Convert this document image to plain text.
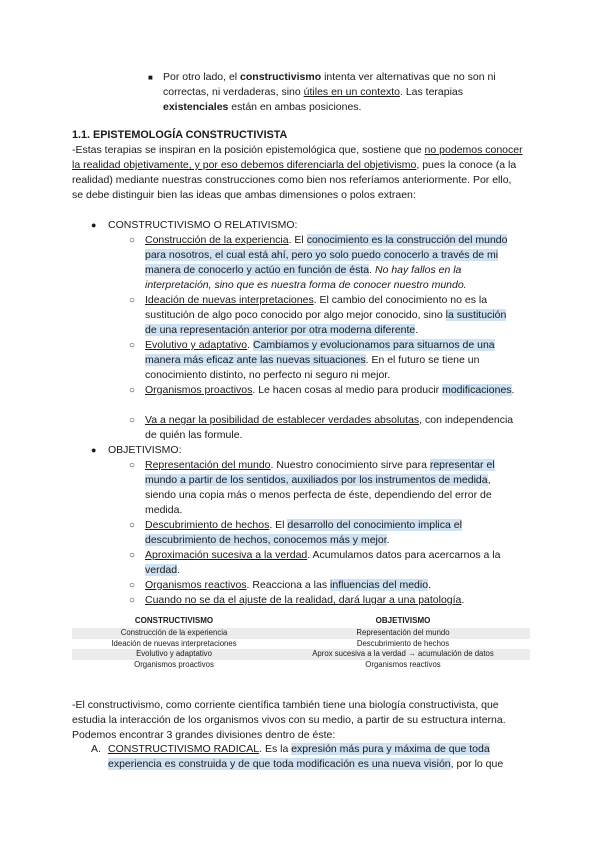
■ Por otro lado, el constructivismo intenta ver alternativas que no son ni correctas, ni verdaderas, sino útiles en un contexto. Las terapias existenciales están en ambas posiciones.
1.1. EPISTEMOLOGÍA CONSTRUCTIVISTA
-Estas terapias se inspiran en la posición epistemológica que, sostiene que no podemos conocer la realidad objetivamente, y por eso debemos diferenciarla del objetivismo, pues la conoce (a la realidad) mediante nuestras construcciones como bien nos referíamos anteriormente. Por ello, se debe distinguir bien las ideas que ambas dimensiones o polos extraen:
● CONSTRUCTIVISMO O RELATIVISMO:
○ Construcción de la experiencia. El conocimiento es la construcción del mundo para nosotros, el cual está ahí, pero yo solo puedo conocerlo a través de mi manera de conocerlo y actúo en función de ésta. No hay fallos en la interpretación, sino que es nuestra forma de conocer nuestro mundo.
○ Ideación de nuevas interpretaciones. El cambio del conocimiento no es la sustitución de algo poco conocido por algo mejor conocido, sino la sustitución de una representación anterior por otra moderna diferente.
○ Evolutivo y adaptativo. Cambiamos y evolucionamos para situarnos de una manera más eficaz ante las nuevas situaciones. En el futuro se tiene un conocimiento distinto, no perfecto ni seguro ni mejor.
○ Organismos proactivos. Le hacen cosas al medio para producir modificaciones.
○ Va a negar la posibilidad de establecer verdades absolutas, con independencia de quién las formule.
● OBJETIVISMO:
○ Representación del mundo. Nuestro conocimiento sirve para representar el mundo a partir de los sentidos, auxiliados por los instrumentos de medida, siendo una copia más o menos perfecta de éste, dependiendo del error de medida.
○ Descubrimiento de hechos. El desarrollo del conocimiento implica el descubrimiento de hechos, conocemos más y mejor.
○ Aproximación sucesiva a la verdad. Acumulamos datos para acercarnos a la verdad.
○ Organismos reactivos. Reacciona a las influencias del medio.
○ Cuando no se da el ajuste de la realidad, dará lugar a una patología.
CONSTRUCTIVISMO	OBJETIVISMO
Construcción de la experiencia	Representación del mundo
Ideación de nuevas interpretaciones	Descubrimiento de hechos
Evolutivo y adaptativo	Aprox sucesiva a la verdad → acumulación de datos
Organismos proactivos	Organismos reactivos
-El constructivismo, como corriente científica también tiene una biología constructivista, que estudia la interacción de los organismos vivos con su medio, a partir de su estructura interna. Podemos encontrar 3 grandes divisiones dentro de éste:
A. CONSTRUCTIVISMO RADICAL. Es la expresión más pura y máxima de que toda experiencia es construida y de que toda modificación es una nueva visión, por lo que
